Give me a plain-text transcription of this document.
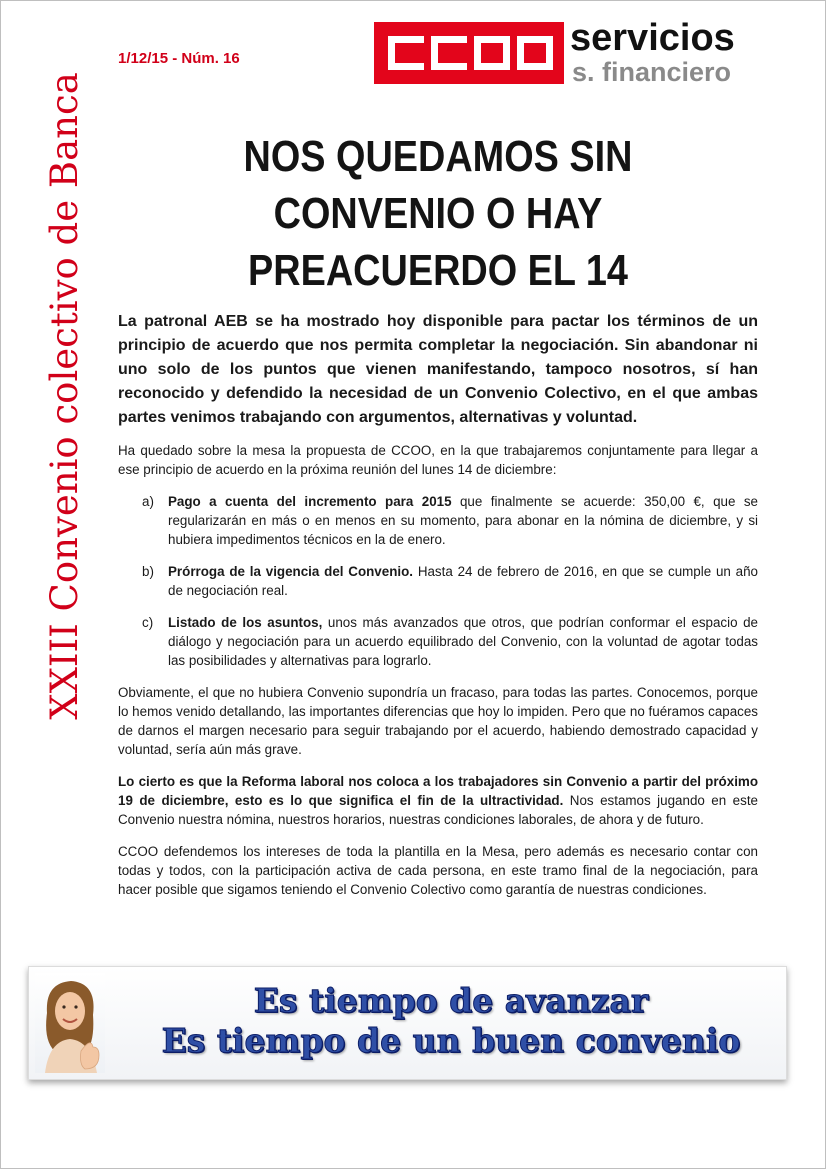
XXIII Convenio colectivo de Banca
1/12/15 - Núm. 16	servicios
s. financiero
NOS QUEDAMOS SIN CONVENIO O HAY PREACUERDO EL 14

La patronal AEB se ha mostrado hoy disponible para pactar los términos de un principio de acuerdo que nos permita completar la negociación. Sin abandonar ni uno solo de los puntos que vienen manifestando, tampoco nosotros, sí han reconocido y defendido la necesidad de un Convenio Colectivo, en el que ambas partes venimos trabajando con argumentos, alternativas y voluntad.

Ha quedado sobre la mesa la propuesta de CCOO, en la que trabajaremos conjuntamente para llegar a ese principio de acuerdo en la próxima reunión del lunes 14 de diciembre:

a) Pago a cuenta del incremento para 2015 que finalmente se acuerde: 350,00 €, que se regularizarán en más o en menos en su momento, para abonar en la nómina de diciembre, y si hubiera impedimentos técnicos en la de enero.
b) Prórroga de la vigencia del Convenio. Hasta 24 de febrero de 2016, en que se cumple un año de negociación real.
c) Listado de los asuntos, unos más avanzados que otros, que podrían conformar el espacio de diálogo y negociación para un acuerdo equilibrado del Convenio, con la voluntad de agotar todas las posibilidades y alternativas para lograrlo.

Obviamente, el que no hubiera Convenio supondría un fracaso, para todas las partes. Conocemos, porque lo hemos venido detallando, las importantes diferencias que hoy lo impiden. Pero que no fuéramos capaces de darnos el margen necesario para seguir trabajando por el acuerdo, habiendo demostrado capacidad y voluntad, sería aún más grave.

Lo cierto es que la Reforma laboral nos coloca a los trabajadores sin Convenio a partir del próximo 19 de diciembre, esto es lo que significa el fin de la ultractividad. Nos estamos jugando en este Convenio nuestra nómina, nuestros horarios, nuestras condiciones laborales, de ahora y de futuro.

CCOO defendemos los intereses de toda la plantilla en la Mesa, pero además es necesario contar con todas y todos, con la participación activa de cada persona, en este tramo final de la negociación, para hacer posible que sigamos teniendo el Convenio Colectivo como garantía de nuestras condiciones.

Es tiempo de avanzar
Es tiempo de un buen convenio
